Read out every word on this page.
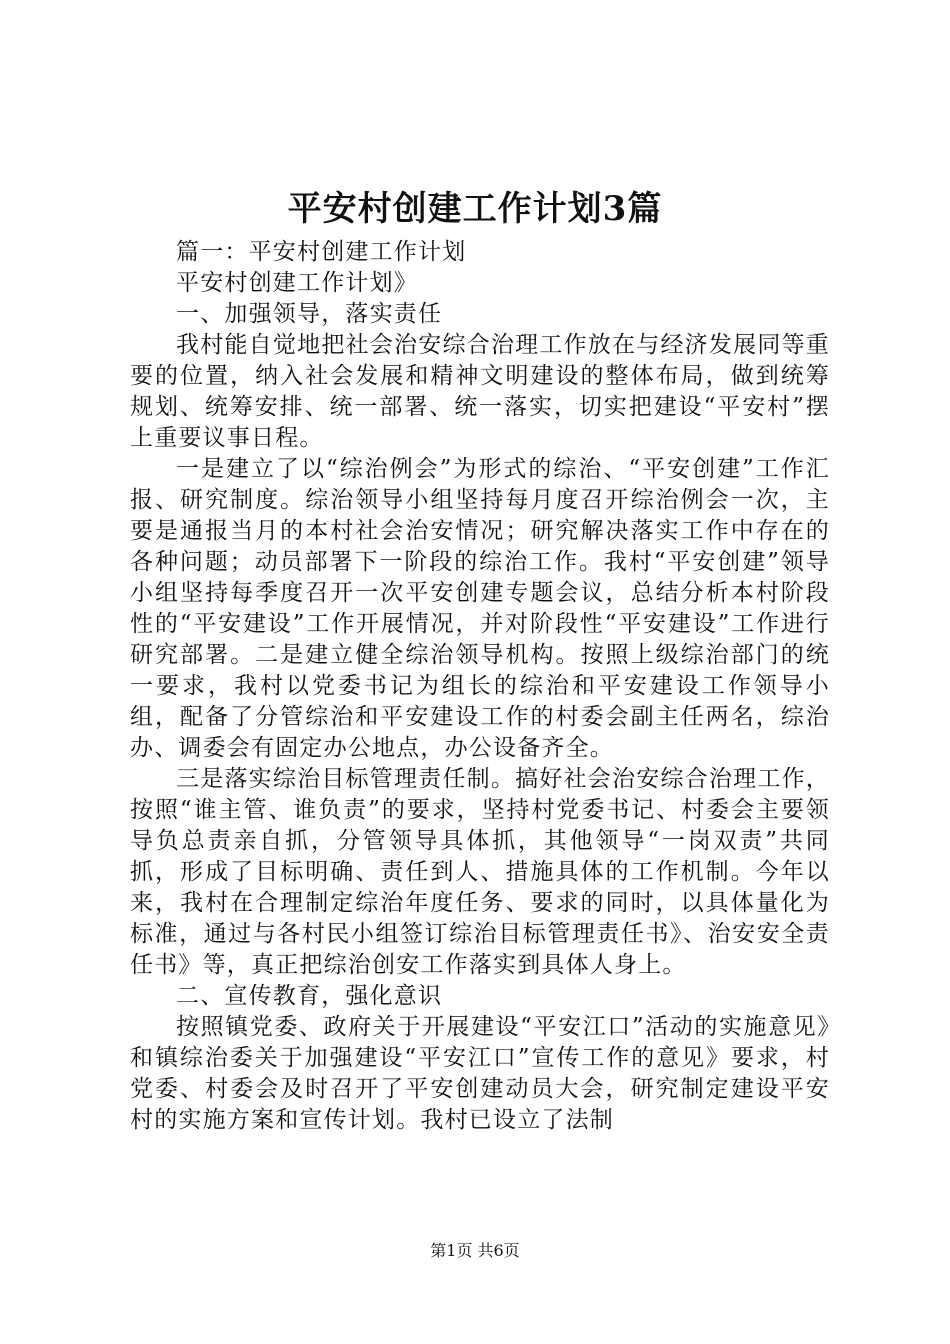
平安村创建工作计划3篇

篇一：平安村创建工作计划

平安村创建工作计划》

一、加强领导，落实责任

我村能自觉地把社会治安综合治理工作放在与经济发展同等重要的位置，纳入社会发展和精神文明建设的整体布局，做到统筹规划、统筹安排、统一部署、统一落实，切实把建设“平安村”摆上重要议事日程。

一是建立了以“综治例会”为形式的综治、“平安创建”工作汇报、研究制度。综治领导小组坚持每月度召开综治例会一次，主要是通报当月的本村社会治安情况；研究解决落实工作中存在的各种问题；动员部署下一阶段的综治工作。我村“平安创建”领导小组坚持每季度召开一次平安创建专题会议，总结分析本村阶段性的“平安建设”工作开展情况，并对阶段性“平安建设”工作进行研究部署。二是建立健全综治领导机构。按照上级综治部门的统一要求，我村以党委书记为组长的综治和平安建设工作领导小组，配备了分管综治和平安建设工作的村委会副主任两名，综治办、调委会有固定办公地点，办公设备齐全。

三是落实综治目标管理责任制。搞好社会治安综合治理工作，按照“谁主管、谁负责”的要求，坚持村党委书记、村委会主要领导负总责亲自抓，分管领导具体抓，其他领导“一岗双责”共同抓，形成了目标明确、责任到人、措施具体的工作机制。今年以来，我村在合理制定综治年度任务、要求的同时，以具体量化为标准，通过与各村民小组签订综治目标管理责任书》、治安安全责任书》等，真正把综治创安工作落实到具体人身上。

二、宣传教育，强化意识

按照镇党委、政府关于开展建设“平安江口”活动的实施意见》和镇综治委关于加强建设“平安江口”宣传工作的意见》要求，村党委、村委会及时召开了平安创建动员大会，研究制定建设平安村的实施方案和宣传计划。我村已设立了法制

第1页 共6页
